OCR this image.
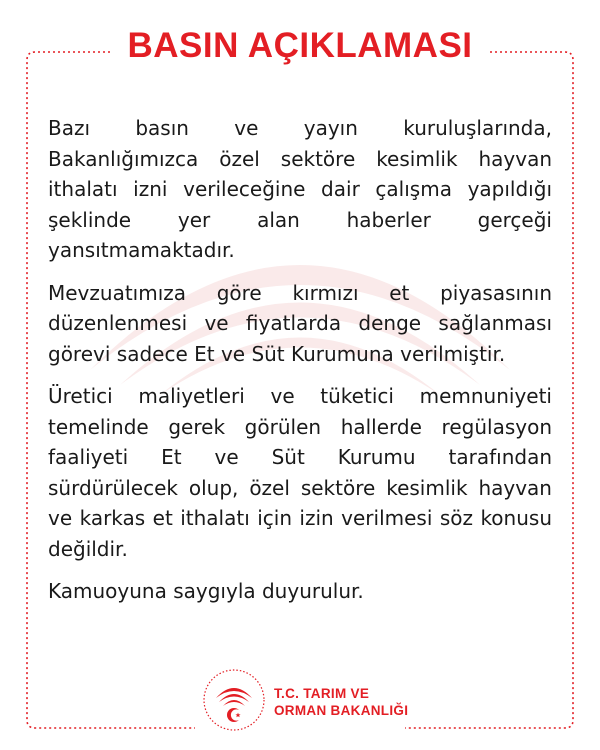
BASIN AÇIKLAMASI

Bazı basın ve yayın kuruluşlarında, Bakanlığımızca özel sektöre kesimlik hayvan ithalatı izni verileceğine dair çalışma yapıldığı şeklinde yer alan haberler gerçeği yansıtmamaktadır.

Mevzuatımıza göre kırmızı et piyasasının düzenlenmesi ve fiyatlarda denge sağlanması görevi sadece Et ve Süt Kurumuna verilmiştir.

Üretici maliyetleri ve tüketici memnuniyeti temelinde gerek görülen hallerde regülasyon faaliyeti Et ve Süt Kurumu tarafından sürdürülecek olup, özel sektöre kesimlik hayvan ve karkas et ithalatı için izin verilmesi söz konusu değildir.

Kamuoyuna saygıyla duyurulur.

T.C. TARIM VE
ORMAN BAKANLIĞI
